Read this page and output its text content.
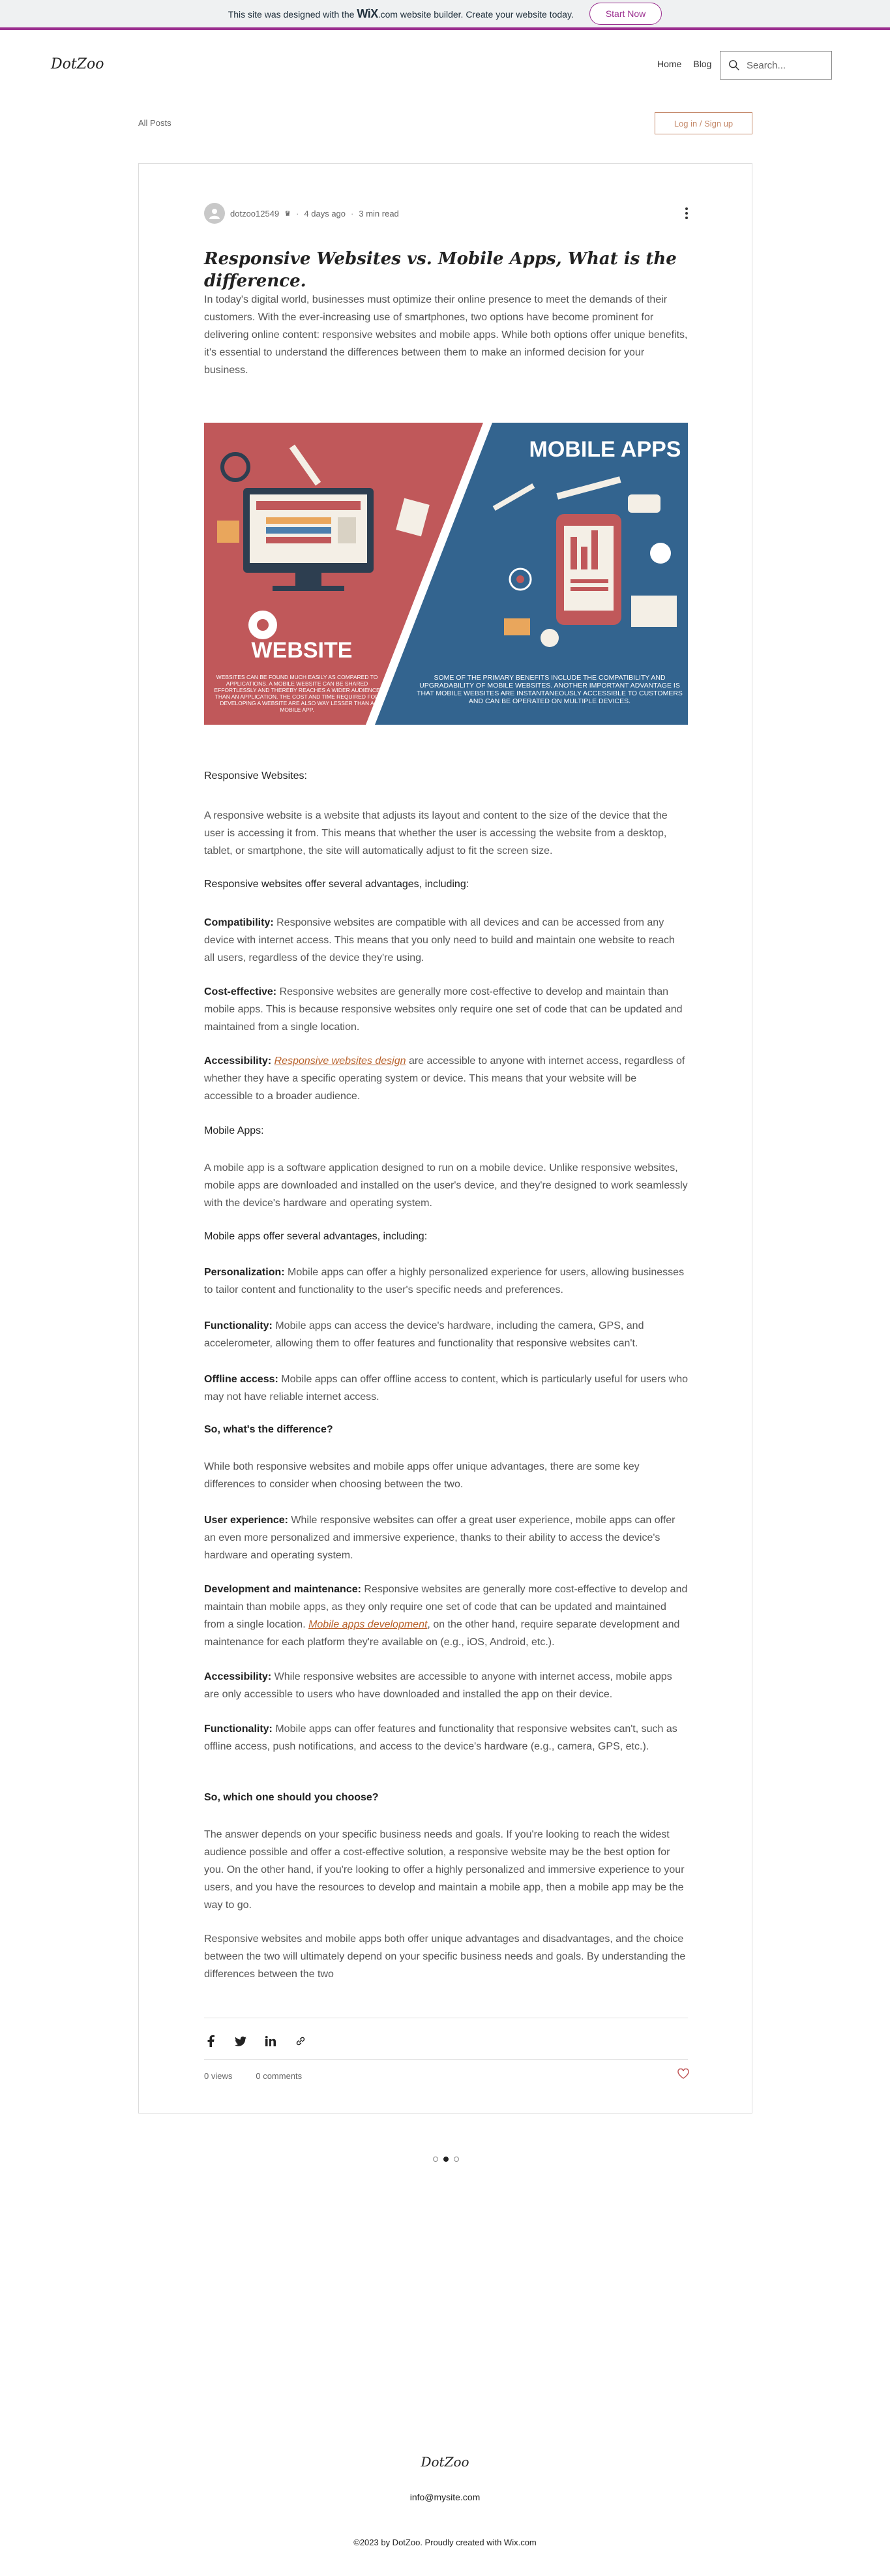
This site was designed with the WiX.com website builder. Create your website today.	Start Now
DotZoo	Home Blog
Search...
All Posts	Log in / Sign up
dotzoo12549 ♛ · 4 days ago · 3 min read
Responsive Websites vs. Mobile Apps, What is the difference.

In today's digital world, businesses must optimize their online presence to meet the demands of their customers. With the ever-increasing use of smartphones, two options have become prominent for delivering online content: responsive websites and mobile apps. While both options offer unique benefits, it's essential to understand the differences between them to make an informed decision for your business.

WEBSITE
WEBSITES CAN BE FOUND MUCH EASILY AS COMPARED TO APPLICATIONS. A MOBILE WEBSITE CAN BE SHARED EFFORTLESSLY AND THEREBY REACHES A WIDER AUDIENCE THAN AN APPLICATION. THE COST AND TIME REQUIRED FOR DEVELOPING A WEBSITE ARE ALSO WAY LESSER THAN A MOBILE APP.
MOBILE APPS
SOME OF THE PRIMARY BENEFITS INCLUDE THE COMPATIBILITY AND UPGRADABILITY OF MOBILE WEBSITES. ANOTHER IMPORTANT ADVANTAGE IS THAT MOBILE WEBSITES ARE INSTANTANEOUSLY ACCESSIBLE TO CUSTOMERS AND CAN BE OPERATED ON MULTIPLE DEVICES.
Responsive Websites:

A responsive website is a website that adjusts its layout and content to the size of the device that the user is accessing it from. This means that whether the user is accessing the website from a desktop, tablet, or smartphone, the site will automatically adjust to fit the screen size.

Responsive websites offer several advantages, including:

Compatibility: Responsive websites are compatible with all devices and can be accessed from any device with internet access. This means that you only need to build and maintain one website to reach all users, regardless of the device they're using.

Cost-effective: Responsive websites are generally more cost-effective to develop and maintain than mobile apps. This is because responsive websites only require one set of code that can be updated and maintained from a single location.

Accessibility: Responsive websites design are accessible to anyone with internet access, regardless of whether they have a specific operating system or device. This means that your website will be accessible to a broader audience.

Mobile Apps:

A mobile app is a software application designed to run on a mobile device. Unlike responsive websites, mobile apps are downloaded and installed on the user's device, and they're designed to work seamlessly with the device's hardware and operating system.

Mobile apps offer several advantages, including:

Personalization: Mobile apps can offer a highly personalized experience for users, allowing businesses to tailor content and functionality to the user's specific needs and preferences.

Functionality: Mobile apps can access the device's hardware, including the camera, GPS, and accelerometer, allowing them to offer features and functionality that responsive websites can't.

Offline access: Mobile apps can offer offline access to content, which is particularly useful for users who may not have reliable internet access.

So, what's the difference?

While both responsive websites and mobile apps offer unique advantages, there are some key differences to consider when choosing between the two.

User experience: While responsive websites can offer a great user experience, mobile apps can offer an even more personalized and immersive experience, thanks to their ability to access the device's hardware and operating system.

Development and maintenance: Responsive websites are generally more cost-effective to develop and maintain than mobile apps, as they only require one set of code that can be updated and maintained from a single location. Mobile apps development, on the other hand, require separate development and maintenance for each platform they're available on (e.g., iOS, Android, etc.).

Accessibility: While responsive websites are accessible to anyone with internet access, mobile apps are only accessible to users who have downloaded and installed the app on their device.

Functionality: Mobile apps can offer features and functionality that responsive websites can't, such as offline access, push notifications, and access to the device's hardware (e.g., camera, GPS, etc.).

So, which one should you choose?

The answer depends on your specific business needs and goals. If you're looking to reach the widest audience possible and offer a cost-effective solution, a responsive website may be the best option for you. On the other hand, if you're looking to offer a highly personalized and immersive experience to your users, and you have the resources to develop and maintain a mobile app, then a mobile app may be the way to go.

Responsive websites and mobile apps both offer unique advantages and disadvantages, and the choice between the two will ultimately depend on your specific business needs and goals. By understanding the differences between the two

0 views	0 comments
DotZoo
info@mysite.com
©2023 by DotZoo. Proudly created with Wix.com
